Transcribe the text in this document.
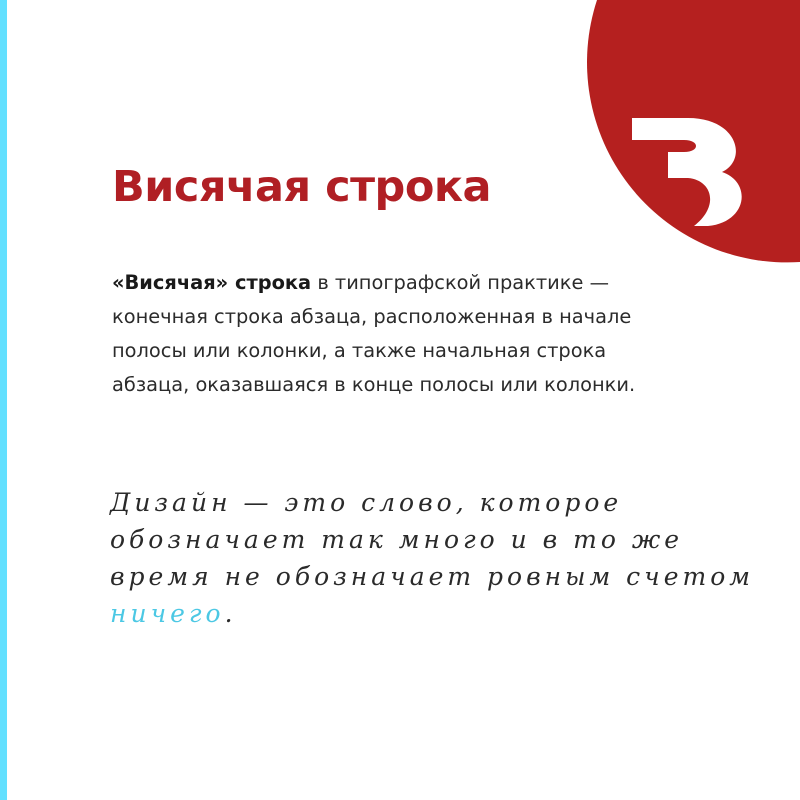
Висячая строка

«Висячая» строка в типографской практике —
конечная строка абзаца, расположенная в начале
полосы или колонки, а также начальная строка
абзаца, оказавшаяся в конце полосы или колонки.

Дизайн — это слово, которое
обозначает так много и в то же
время не обозначает ровным счетом
ничего.
